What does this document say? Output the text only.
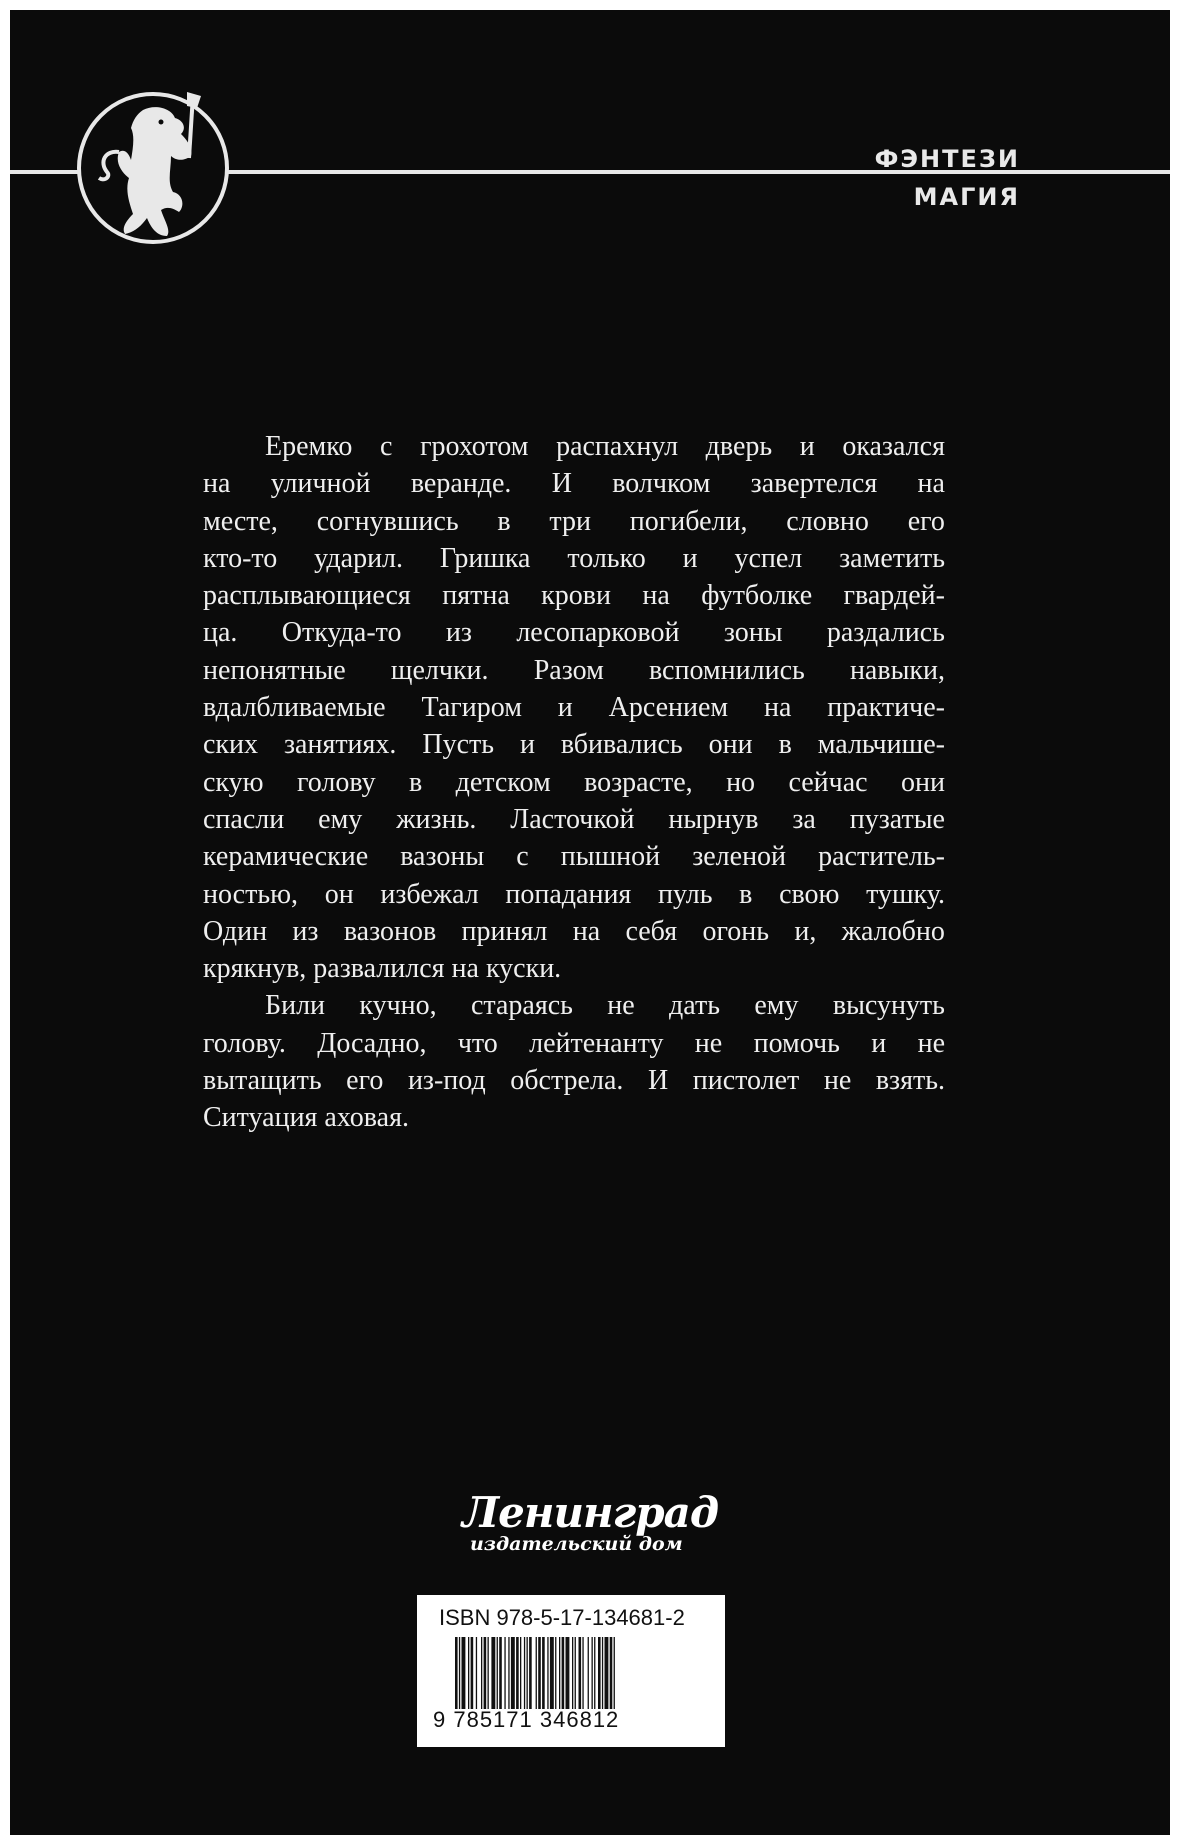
ФЭНТЕЗИ
МАГИЯ
Еремко с грохотом распахнул дверь и оказался
на уличной веранде. И волчком завертелся на
месте, согнувшись в три погибели, словно его
кто-то ударил. Гришка только и успел заметить
расплывающиеся пятна крови на футболке гвардей-
ца. Откуда-то из лесопарковой зоны раздались
непонятные щелчки. Разом вспомнились навыки,
вдалбливаемые Тагиром и Арсением на практиче-
ских занятиях. Пусть и вбивались они в мальчише-
скую голову в детском возрасте, но сейчас они
спасли ему жизнь. Ласточкой нырнув за пузатые
керамические вазоны с пышной зеленой раститель-
ностью, он избежал попадания пуль в свою тушку.
Один из вазонов принял на себя огонь и, жалобно
крякнув, развалился на куски.
Били кучно, стараясь не дать ему высунуть
голову. Досадно, что лейтенанту не помочь и не
вытащить его из-под обстрела. И пистолет не взять.
Ситуация аховая.
Ленинград
издательский дом
ISBN 978-5-17-134681-2
9 785171 346812
